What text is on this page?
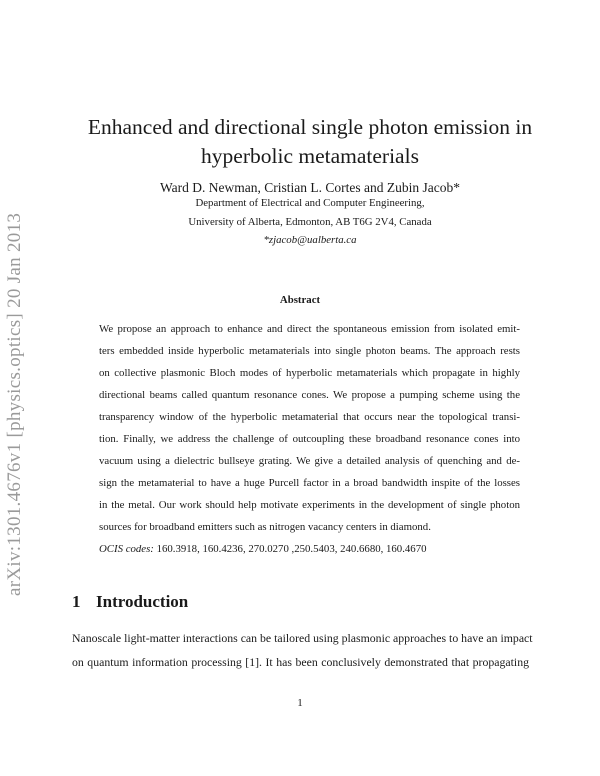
arXiv:1301.4676v1 [physics.optics] 20 Jan 2013
Enhanced and directional single photon emission in
hyperbolic metamaterials
Ward D. Newman, Cristian L. Cortes and Zubin Jacob*
Department of Electrical and Computer Engineering,
University of Alberta, Edmonton, AB T6G 2V4, Canada
*zjacob@ualberta.ca
Abstract
We propose an approach to enhance and direct the spontaneous emission from isolated emit-
ters embedded inside hyperbolic metamaterials into single photon beams. The approach rests
on collective plasmonic Bloch modes of hyperbolic metamaterials which propagate in highly
directional beams called quantum resonance cones. We propose a pumping scheme using the
transparency window of the hyperbolic metamaterial that occurs near the topological transi-
tion. Finally, we address the challenge of outcoupling these broadband resonance cones into
vacuum using a dielectric bullseye grating. We give a detailed analysis of quenching and de-
sign the metamaterial to have a huge Purcell factor in a broad bandwidth inspite of the losses
in the metal. Our work should help motivate experiments in the development of single photon
sources for broadband emitters such as nitrogen vacancy centers in diamond.
OCIS codes: 160.3918, 160.4236, 270.0270 ,250.5403, 240.6680, 160.4670
1 Introduction
Nanoscale light-matter interactions can be tailored using plasmonic approaches to have an impact
on quantum information processing [1]. It has been conclusively demonstrated that propagating
1
